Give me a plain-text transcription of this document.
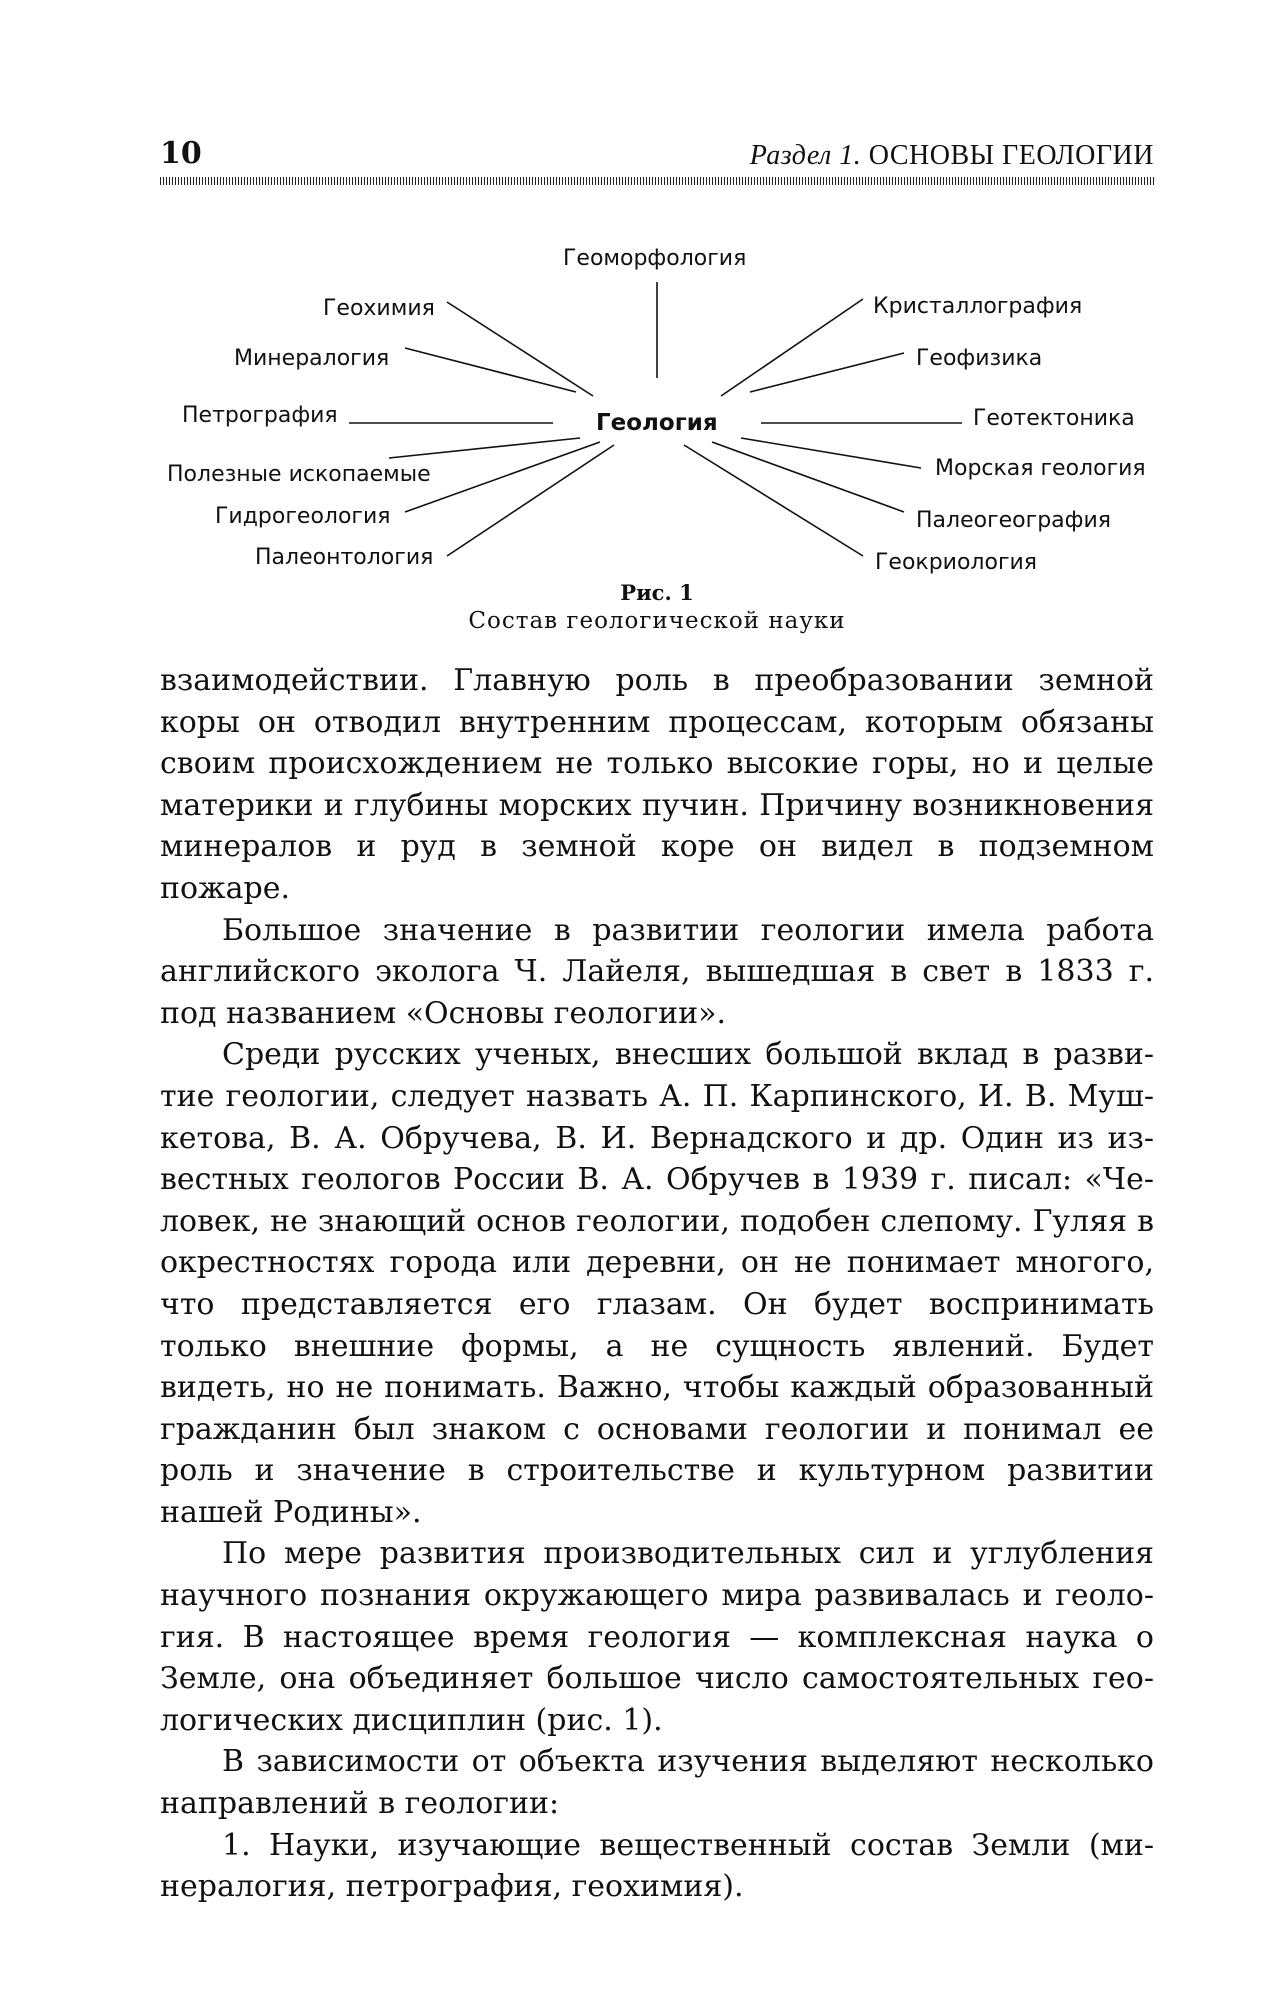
10	Раздел 1. ОСНОВЫ ГЕОЛОГИИ
Геология
Геоморфология
Геохимия
Минералогия
Петрография
Полезные ископаемые
Гидрогеология
Палеонтология
Кристаллография
Геофизика
Геотектоника
Морская геология
Палеогеография
Геокриология
Рис. 1
Состав геологической науки

взаимодействии. Главную роль в преобразовании земной коры он отводил внутренним процессам, которым обязаны своим происхождением не только высокие горы, но и целые материки и глубины морских пучин. Причину возникновения минералов и руд в земной коре он видел в подземном пожаре.

Большое значение в развитии геологии имела работа английского эколога Ч. Лайеля, вышедшая в свет в 1833 г. под названием «Основы геологии».

Среди русских ученых, внесших большой вклад в развитие геологии, следует назвать А. П. Карпинского, И. В. Мушкетова, В. А. Обручева, В. И. Вернадского и др. Один из известных геологов России В. А. Обручев в 1939 г. писал: «Человек, не знающий основ геологии, подобен слепому. Гуляя в окрестностях города или деревни, он не понимает многого, что представляется его глазам. Он будет воспринимать только внешние формы, а не сущность явлений. Будет видеть, но не понимать. Важно, чтобы каждый образованный гражданин был знаком с основами геологии и понимал ее роль и значение в строительстве и культурном развитии нашей Родины».

По мере развития производительных сил и углубления научного познания окружающего мира развивалась и геология. В настоящее время геология — комплексная наука о Земле, она объединяет большое число самостоятельных геологических дисциплин (рис. 1).

В зависимости от объекта изучения выделяют несколько направлений в геологии:

1. Науки, изучающие вещественный состав Земли (минералогия, петрография, геохимия).
